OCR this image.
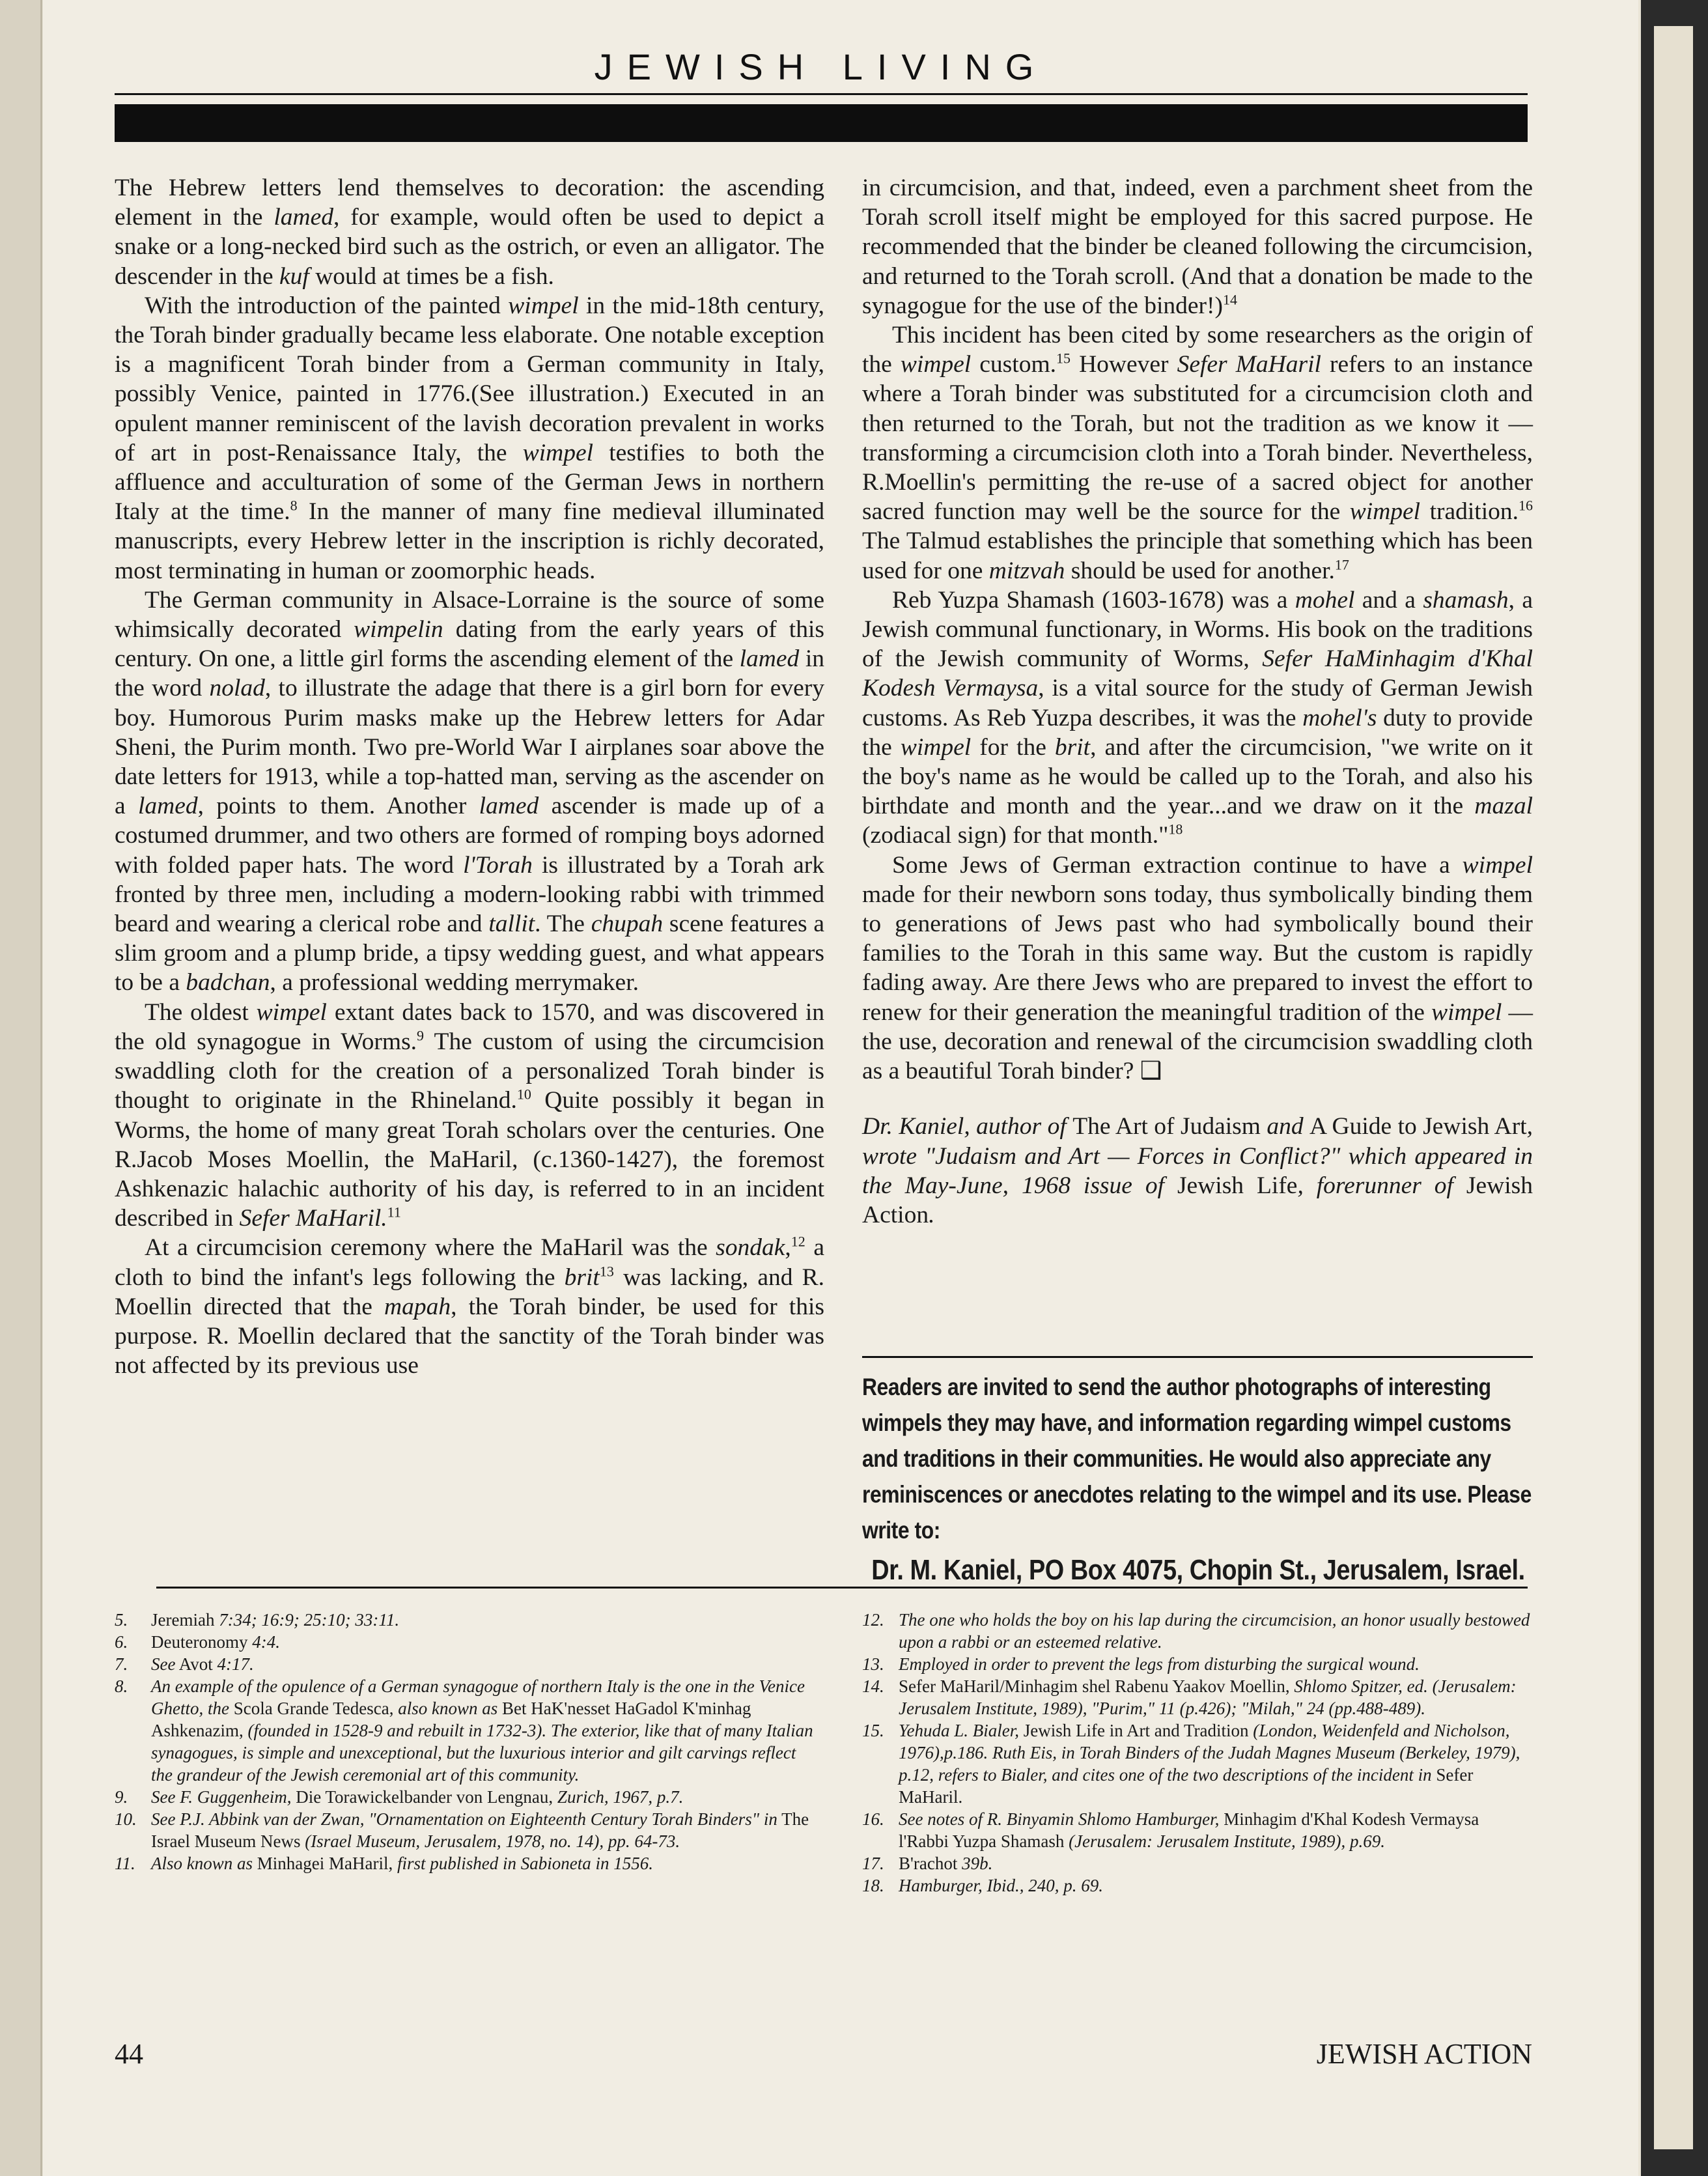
JEWISH LIVING

The Hebrew letters lend themselves to decoration: the ascending element in the lamed, for example, would often be used to depict a snake or a long-necked bird such as the ostrich, or even an alligator. The descender in the kuf would at times be a fish.

With the introduction of the painted wimpel in the mid-18th century, the Torah binder gradually became less elaborate. One notable exception is a magnificent Torah binder from a German community in Italy, possibly Venice, painted in 1776.(See illustration.) Executed in an opulent manner reminiscent of the lavish decoration prevalent in works of art in post-Renaissance Italy, the wimpel testifies to both the affluence and acculturation of some of the German Jews in northern Italy at the time.$^8$ In the manner of many fine medieval illuminated manuscripts, every Hebrew letter in the inscription is richly decorated, most terminating in human or zoomorphic heads.

The German community in Alsace-Lorraine is the source of some whimsically decorated wimpelin dating from the early years of this century. On one, a little girl forms the ascending element of the lamed in the word nolad, to illustrate the adage that there is a girl born for every boy. Humorous Purim masks make up the Hebrew letters for Adar Sheni, the Purim month. Two pre-World War I airplanes soar above the date letters for 1913, while a top-hatted man, serving as the ascender on a lamed, points to them. Another lamed ascender is made up of a costumed drummer, and two others are formed of romping boys adorned with folded paper hats. The word l'Torah is illustrated by a Torah ark fronted by three men, including a modern-looking rabbi with trimmed beard and wearing a clerical robe and tallit. The chupah scene features a slim groom and a plump bride, a tipsy wedding guest, and what appears to be a badchan, a professional wedding merrymaker.

The oldest wimpel extant dates back to 1570, and was discovered in the old synagogue in Worms.$^9$ The custom of using the circumcision swaddling cloth for the creation of a personalized Torah binder is thought to originate in the Rhineland.$^{10}$ Quite possibly it began in Worms, the home of many great Torah scholars over the centuries. One R.Jacob Moses Moellin, the MaHaril, (c.1360-1427), the foremost Ashkenazic halachic authority of his day, is referred to in an incident described in Sefer MaHaril.$^{11}$

At a circumcision ceremony where the MaHaril was the sondak,$^{12}$ a cloth to bind the infant's legs following the brit$^{13}$ was lacking, and R. Moellin directed that the mapah, the Torah binder, be used for this purpose. R. Moellin declared that the sanctity of the Torah binder was not affected by its previous use

in circumcision, and that, indeed, even a parchment sheet from the Torah scroll itself might be employed for this sacred purpose. He recommended that the binder be cleaned following the circumcision, and returned to the Torah scroll. (And that a donation be made to the synagogue for the use of the binder!)$^{14}$

This incident has been cited by some researchers as the origin of the wimpel custom.$^{15}$ However Sefer MaHaril refers to an instance where a Torah binder was substituted for a circumcision cloth and then returned to the Torah, but not the tradition as we know it — transforming a circumcision cloth into a Torah binder. Nevertheless, R.Moellin's permitting the re-use of a sacred object for another sacred function may well be the source for the wimpel tradition.$^{16}$ The Talmud establishes the principle that something which has been used for one mitzvah should be used for another.$^{17}$

Reb Yuzpa Shamash (1603-1678) was a mohel and a shamash, a Jewish communal functionary, in Worms. His book on the traditions of the Jewish community of Worms, Sefer HaMinhagim d'Khal Kodesh Vermaysa, is a vital source for the study of German Jewish customs. As Reb Yuzpa describes, it was the mohel's duty to provide the wimpel for the brit, and after the circumcision, "we write on it the boy's name as he would be called up to the Torah, and also his birthdate and month and the year...and we draw on it the mazal (zodiacal sign) for that month."$^{18}$

Some Jews of German extraction continue to have a wimpel made for their newborn sons today, thus symbolically binding them to generations of Jews past who had symbolically bound their families to the Torah in this same way. But the custom is rapidly fading away. Are there Jews who are prepared to invest the effort to renew for their generation the meaningful tradition of the wimpel — the use, decoration and renewal of the circumcision swaddling cloth as a beautiful Torah binder? ❑

Dr. Kaniel, author of The Art of Judaism and A Guide to Jewish Art, wrote "Judaism and Art — Forces in Conflict?" which appeared in the May-June, 1968 issue of Jewish Life, forerunner of Jewish Action.

Readers are invited to send the author photographs of interesting wimpels they may have, and information regarding wimpel customs and traditions in their communities. He would also appreciate any reminiscences or anecdotes relating to the wimpel and its use. Please write to:
Dr. M. Kaniel, PO Box 4075, Chopin St., Jerusalem, Israel.
5.	Jeremiah 7:34; 16:9; 25:10; 33:11.
6.	Deuteronomy 4:4.
7.	See Avot 4:17.
8.	An example of the opulence of a German synagogue of northern Italy is the one in the Venice Ghetto, the Scola Grande Tedesca, also known as Bet HaK'nesset HaGadol K'minhag Ashkenazim, (founded in 1528-9 and rebuilt in 1732-3). The exterior, like that of many Italian synagogues, is simple and unexceptional, but the luxurious interior and gilt carvings reflect the grandeur of the Jewish ceremonial art of this community.
9.	See F. Guggenheim, Die Torawickelbander von Lengnau, Zurich, 1967, p.7.
10. See P.J. Abbink van der Zwan, "Ornamentation on Eighteenth Century Torah Binders" in The Israel Museum News (Israel Museum, Jerusalem, 1978, no. 14), pp. 64-73.
11. Also known as Minhagei MaHaril, first published in Sabioneta in 1556.
12. The one who holds the boy on his lap during the circumcision, an honor usually bestowed upon a rabbi or an esteemed relative.
13. Employed in order to prevent the legs from disturbing the surgical wound.
14. Sefer MaHaril/Minhagim shel Rabenu Yaakov Moellin, Shlomo Spitzer, ed. (Jerusalem: Jerusalem Institute, 1989), "Purim," 11 (p.426); "Milah," 24 (pp.488-489).
15. Yehuda L. Bialer, Jewish Life in Art and Tradition (London, Weidenfeld and Nicholson, 1976),p.186. Ruth Eis, in Torah Binders of the Judah Magnes Museum (Berkeley, 1979), p.12, refers to Bialer, and cites one of the two descriptions of the incident in Sefer MaHaril.
16. See notes of R. Binyamin Shlomo Hamburger, Minhagim d'Khal Kodesh Vermaysa l'Rabbi Yuzpa Shamash (Jerusalem: Jerusalem Institute, 1989), p.69.
17. B'rachot 39b.
18. Hamburger, Ibid., 240, p. 69.
44	JEWISH ACTION
